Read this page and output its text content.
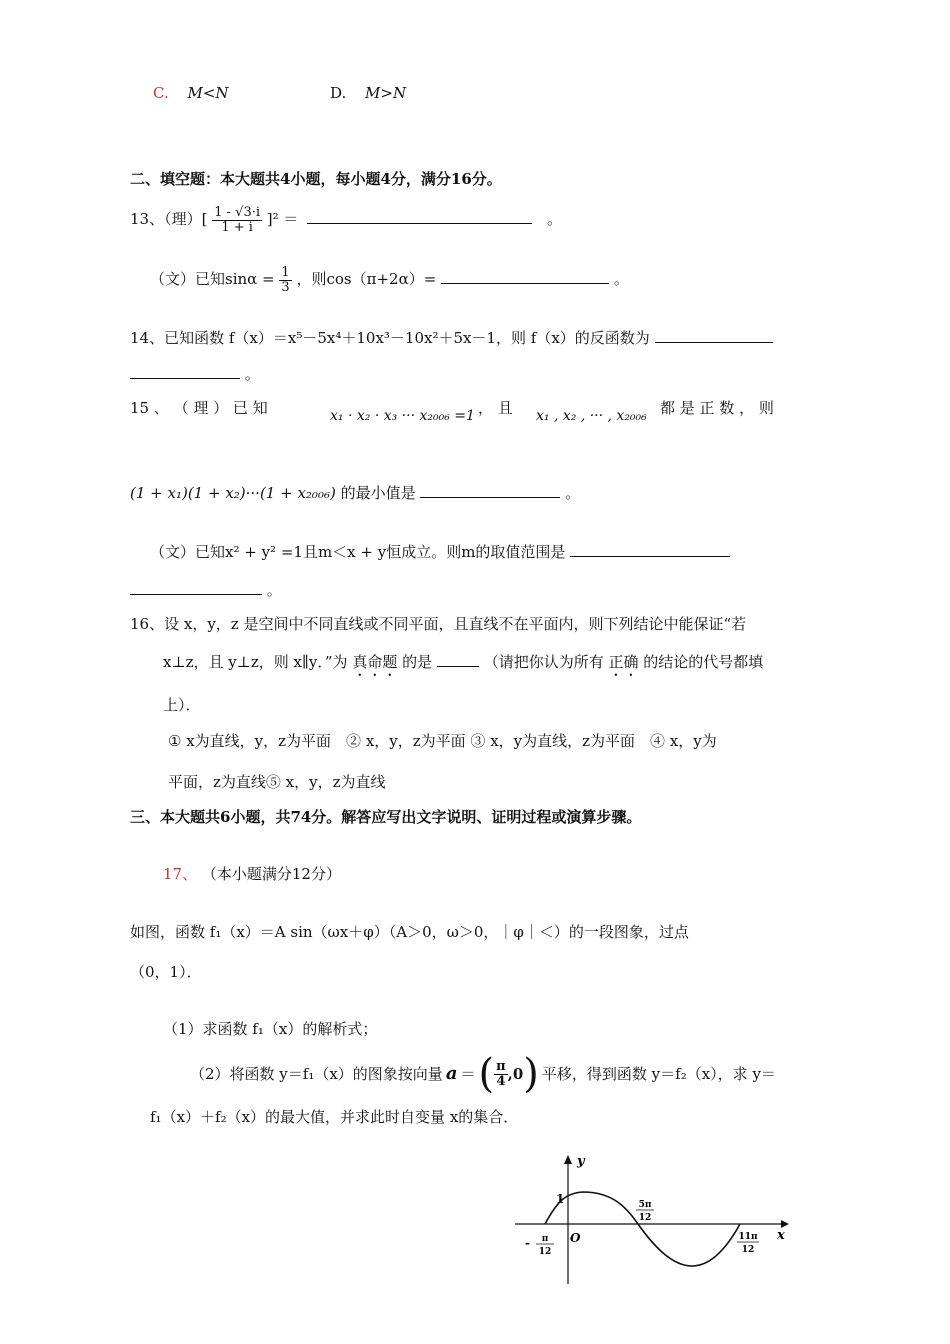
C. M<N	D. M>N
二、填空题：本大题共4小题，每小题4分，满分16分。
13、（理）[ $\frac{1 - √3\cdot i}{1 + i} ]^2$ ＝	。
（文）已知$\sin\alpha = \frac{1}{3}$ ，则cos（π+2α）=	。
14、已知函数 f（x）＝x⁵－5x⁴＋10x³－10x²＋5x－1，则 f（x）的反函数为
。
15 、 （ 理 ） 已 知	x₁ · x₂ · x₃ ··· x₂₀₀₆ =1 ， 且 x₁ , x₂ , ··· , x₂₀₀₆ 都 是 正 数 ， 则
(1 + x₁)(1 + x₂)···(1 + x₂₀₀₆) 的最小值是	。
（文）已知x² + y² =1且m＜x + y恒成立。则m的取值范围是
。
16、设 x，y，z 是空间中不同直线或不同平面，且直线不在平面内，则下列结论中能保证“若
x⊥z，且 y⊥z，则 x∥y．”为 真命题 的是	（请把你认为所有 正确 的结论的代号都填
上）．
① x为直线，y，z为平面　② x，y，z为平面 ③ x，y为直线，z为平面　④ x，y为
平面，z为直线⑤ x，y，z为直线
三、本大题共6小题，共74分。解答应写出文字说明、证明过程或演算步骤。
17、 （本小题满分12分）
如图，函数 f₁（x）＝A sin（ωx＋φ）（A＞0，ω＞0，｜φ｜＜）的一段图象，过点
（0，1）．
（1）求函数 f₁（x）的解析式；
（2）将函数 y＝f₁（x）的图象按向量 a ＝ ( $\frac{\pi}{4} ,0$ ) 平移，得到函数 y＝f₂（x），求 y＝
f₁（x）＋f₂（x）的最大值，并求此时自变量 x的集合．
y
x
O
1
- π
12
5π
12
11π
12
